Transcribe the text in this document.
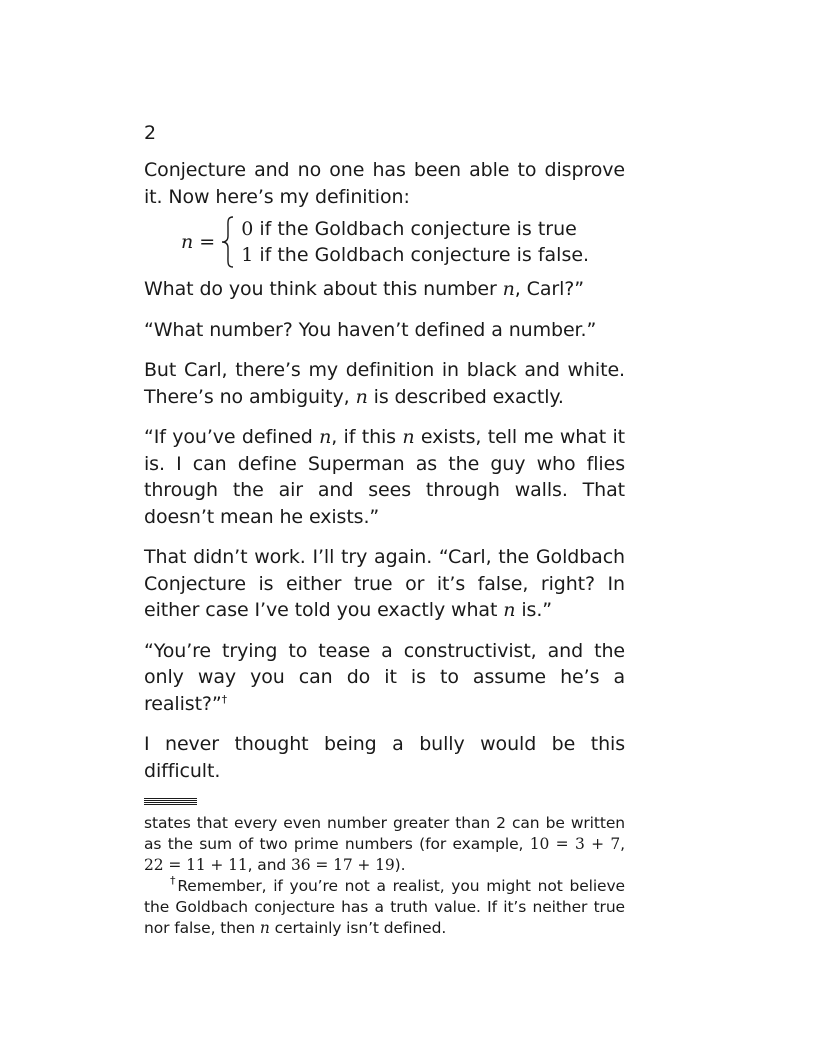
2

Conjecture and no one has been able to disprove it. Now here’s my definition:

n =
0 if the Goldbach conjecture is true
1 if the Goldbach conjecture is false.

What do you think about this number n, Carl?”

“What number? You haven’t defined a number.”

But Carl, there’s my definition in black and white. There’s no ambiguity, n is described exactly.

“If you’ve defined n, if this n exists, tell me what it is. I can define Superman as the guy who flies through the air and sees through walls. That doesn’t mean he exists.”

That didn’t work. I’ll try again. “Carl, the Goldbach Conjecture is either true or it’s false, right? In either case I’ve told you exactly what n is.”

“You’re trying to tease a constructivist, and the only way you can do it is to assume he’s a realist?”†

I never thought being a bully would be this difficult.

states that every even number greater than 2 can be written as the sum of two prime numbers (for example, 10 = 3 + 7, 22 = 11 + 11, and 36 = 17 + 19).

†Remember, if you’re not a realist, you might not believe the Goldbach conjecture has a truth value. If it’s neither true nor false, then n certainly isn’t defined.
